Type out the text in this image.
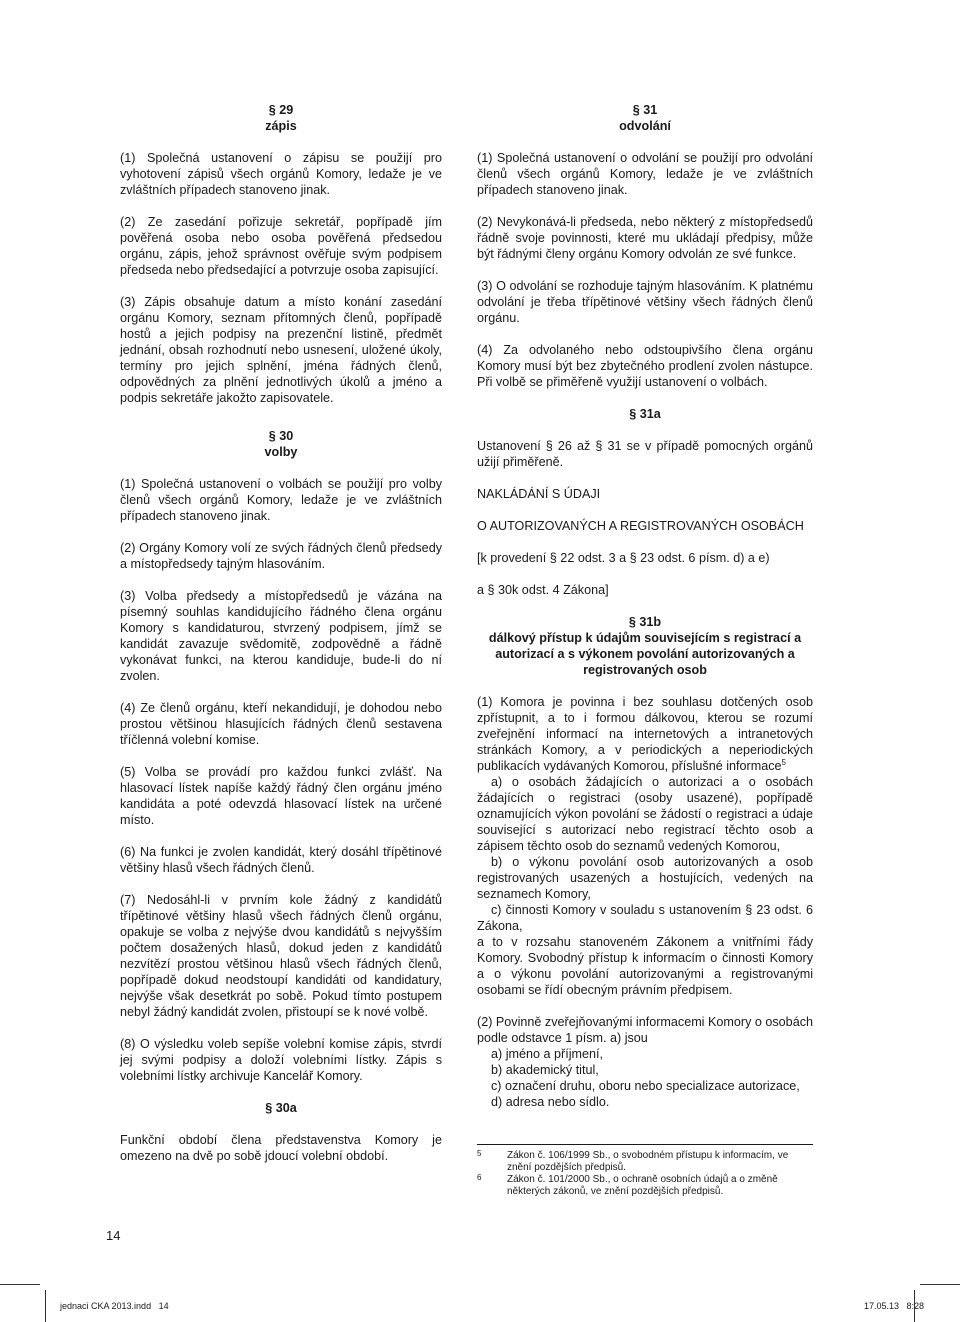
§ 29
zápis

(1) Společná ustanovení o zápisu se použijí pro vyhotovení zápisů všech orgánů Komory, ledaže je ve zvláštních případech stanoveno jinak.

(2) Ze zasedání pořizuje sekretář, popřípadě jím pověřená osoba nebo osoba pověřená předsedou orgánu, zápis, jehož správnost ověřuje svým podpisem předseda nebo předsedající a potvrzuje osoba zapisující.

(3) Zápis obsahuje datum a místo konání zasedání orgánu Komory, seznam přítomných členů, popřípadě hostů a jejich podpisy na prezenční listině, předmět jednání, obsah rozhodnutí nebo usnesení, uložené úkoly, termíny pro jejich splnění, jména řádných členů, odpovědných za plnění jednotlivých úkolů a jméno a podpis sekretáře jakožto zapisovatele.

§ 30
volby

(1) Společná ustanovení o volbách se použijí pro volby členů všech orgánů Komory, ledaže je ve zvláštních případech stanoveno jinak.

(2) Orgány Komory volí ze svých řádných členů předsedy a místopředsedy tajným hlasováním.

(3) Volba předsedy a místopředsedů je vázána na písemný souhlas kandidujícího řádného člena orgánu Komory s kandidaturou, stvrzený podpisem, jímž se kandidát zavazuje svědomitě, zodpovědně a řádně vykonávat funkci, na kterou kandiduje, bude-li do ní zvolen.

(4) Ze členů orgánu, kteří nekandidují, je dohodou nebo prostou většinou hlasujících řádných členů sestavena tříčlenná volební komise.

(5) Volba se provádí pro každou funkci zvlášť. Na hlasovací lístek napíše každý řádný člen orgánu jméno kandidáta a poté odevzdá hlasovací lístek na určené místo.

(6) Na funkci je zvolen kandidát, který dosáhl třípětinové většiny hlasů všech řádných členů.

(7) Nedosáhl-li v prvním kole žádný z kandidátů třípětinové většiny hlasů všech řádných členů orgánu, opakuje se volba z nejvýše dvou kandidátů s nejvyšším počtem dosažených hlasů, dokud jeden z kandidátů nezvítězí prostou většinou hlasů všech řádných členů, popřípadě dokud neodstoupí kandidáti od kandidatury, nejvýše však desetkrát po sobě. Pokud tímto postupem nebyl žádný kandidát zvolen, přistoupí se k nové volbě.

(8) O výsledku voleb sepíše volební komise zápis, stvrdí jej svými podpisy a doloží volebními lístky. Zápis s volebními lístky archivuje Kancelář Komory.

§ 30a

Funkční období člena představenstva Komory je omezeno na dvě po sobě jdoucí volební období.

§ 31
odvolání

(1) Společná ustanovení o odvolání se použijí pro odvolání členů všech orgánů Komory, ledaže je ve zvláštních případech stanoveno jinak.

(2) Nevykonává-li předseda, nebo některý z místopředsedů řádně svoje povinnosti, které mu ukládají předpisy, může být řádnými členy orgánu Komory odvolán ze své funkce.

(3) O odvolání se rozhoduje tajným hlasováním. K platnému odvolání je třeba třípětinové většiny všech řádných členů orgánu.

(4) Za odvolaného nebo odstoupivšího člena orgánu Komory musí být bez zbytečného prodlení zvolen nástupce. Při volbě se přiměřeně využijí ustanovení o volbách.

§ 31a

Ustanovení § 26 až § 31 se v případě pomocných orgánů užijí přiměřeně.

NAKLÁDÁNÍ S ÚDAJI

O AUTORIZOVANÝCH A REGISTROVANÝCH OSOBÁCH

[k provedení § 22 odst. 3 a § 23 odst. 6 písm. d) a e)

a § 30k odst. 4 Zákona]

§ 31b
dálkový přístup k údajům souvisejícím s registrací a autorizací a s výkonem povolání autorizovaných a registrovaných osob

(1) Komora je povinna i bez souhlasu dotčených osob zpřístupnit, a to i formou dálkovou, kterou se rozumí zveřejnění informací na internetových a intranetových stránkách Komory, a v periodických a neperiodických publikacích vydávaných Komorou, příslušné informace$^5$

a) o osobách žádajících o autorizaci a o osobách žádajících o registraci (osoby usazené), popřípadě oznamujících výkon povolání se žádostí o registraci a údaje související s autorizací nebo registrací těchto osob a zápisem těchto osob do seznamů vedených Komorou,

b) o výkonu povolání osob autorizovaných a osob registrovaných usazených a hostujících, vedených na seznamech Komory,

c) činnosti Komory v souladu s ustanovením § 23 odst. 6 Zákona,

a to v rozsahu stanoveném Zákonem a vnitřními řády Komory. Svobodný přístup k informacím o činnosti Komory a o výkonu povolání autorizovanými a registrovanými osobami se řídí obecným právním předpisem.

(2) Povinně zveřejňovanými informacemi Komory o osobách podle odstavce 1 písm. a) jsou

a) jméno a příjmení,
b) akademický titul,
c) označení druhu, oboru nebo specializace autorizace,
d) adresa nebo sídlo.

5	Zákon č. 106/1999 Sb., o svobodném přístupu k informacím, ve znění pozdějších předpisů.

6	Zákon č. 101/2000 Sb., o ochraně osobních údajů a o změně některých zákonů, ve znění pozdějších předpisů.

14
jednaci CKA 2013.indd   14	17.05.13   8:28
